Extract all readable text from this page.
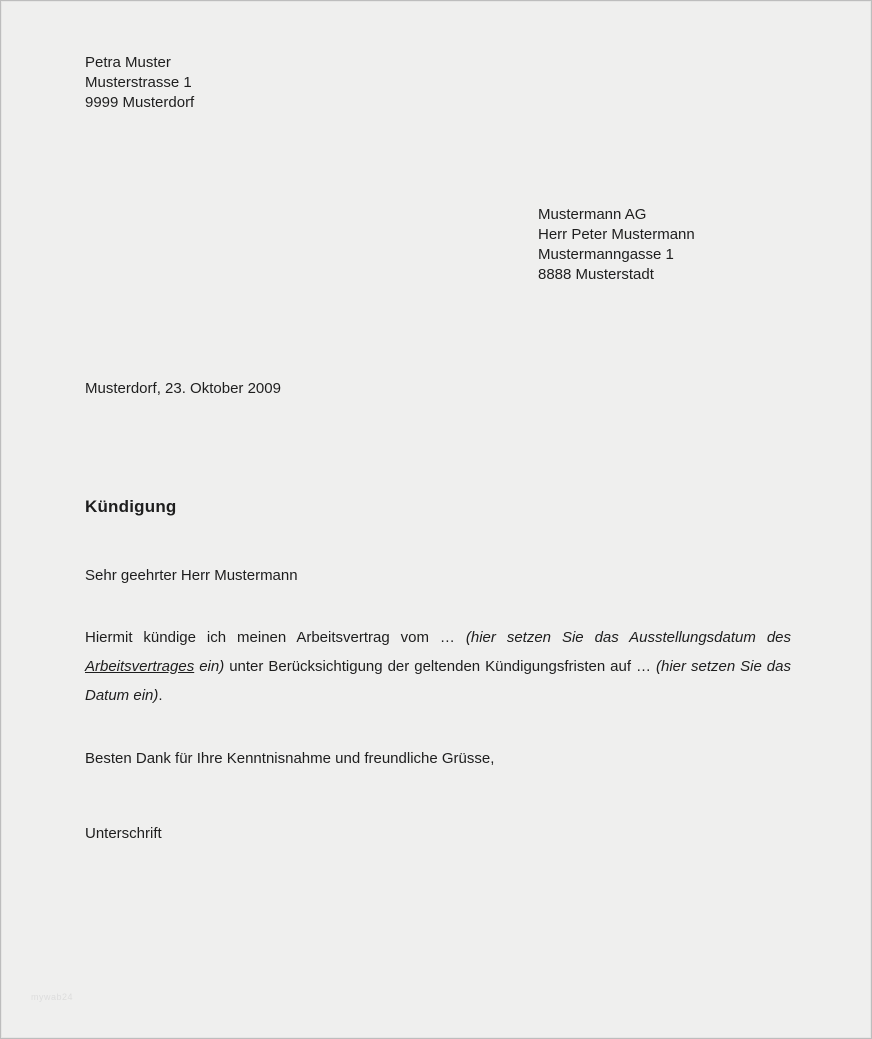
Petra Muster
Musterstrasse 1
9999 Musterdorf
Mustermann AG
Herr Peter Mustermann
Mustermanngasse 1
8888 Musterstadt
Musterdorf, 23. Oktober 2009
Kündigung
Sehr geehrter Herr Mustermann
Hiermit kündige ich meinen Arbeitsvertrag vom … (hier setzen Sie das Ausstellungsdatum des Arbeitsvertrages ein) unter Berücksichtigung der geltenden Kündigungsfristen auf … (hier setzen Sie das Datum ein).
Besten Dank für Ihre Kenntnisnahme und freundliche Grüsse,
Unterschrift
mywab24
